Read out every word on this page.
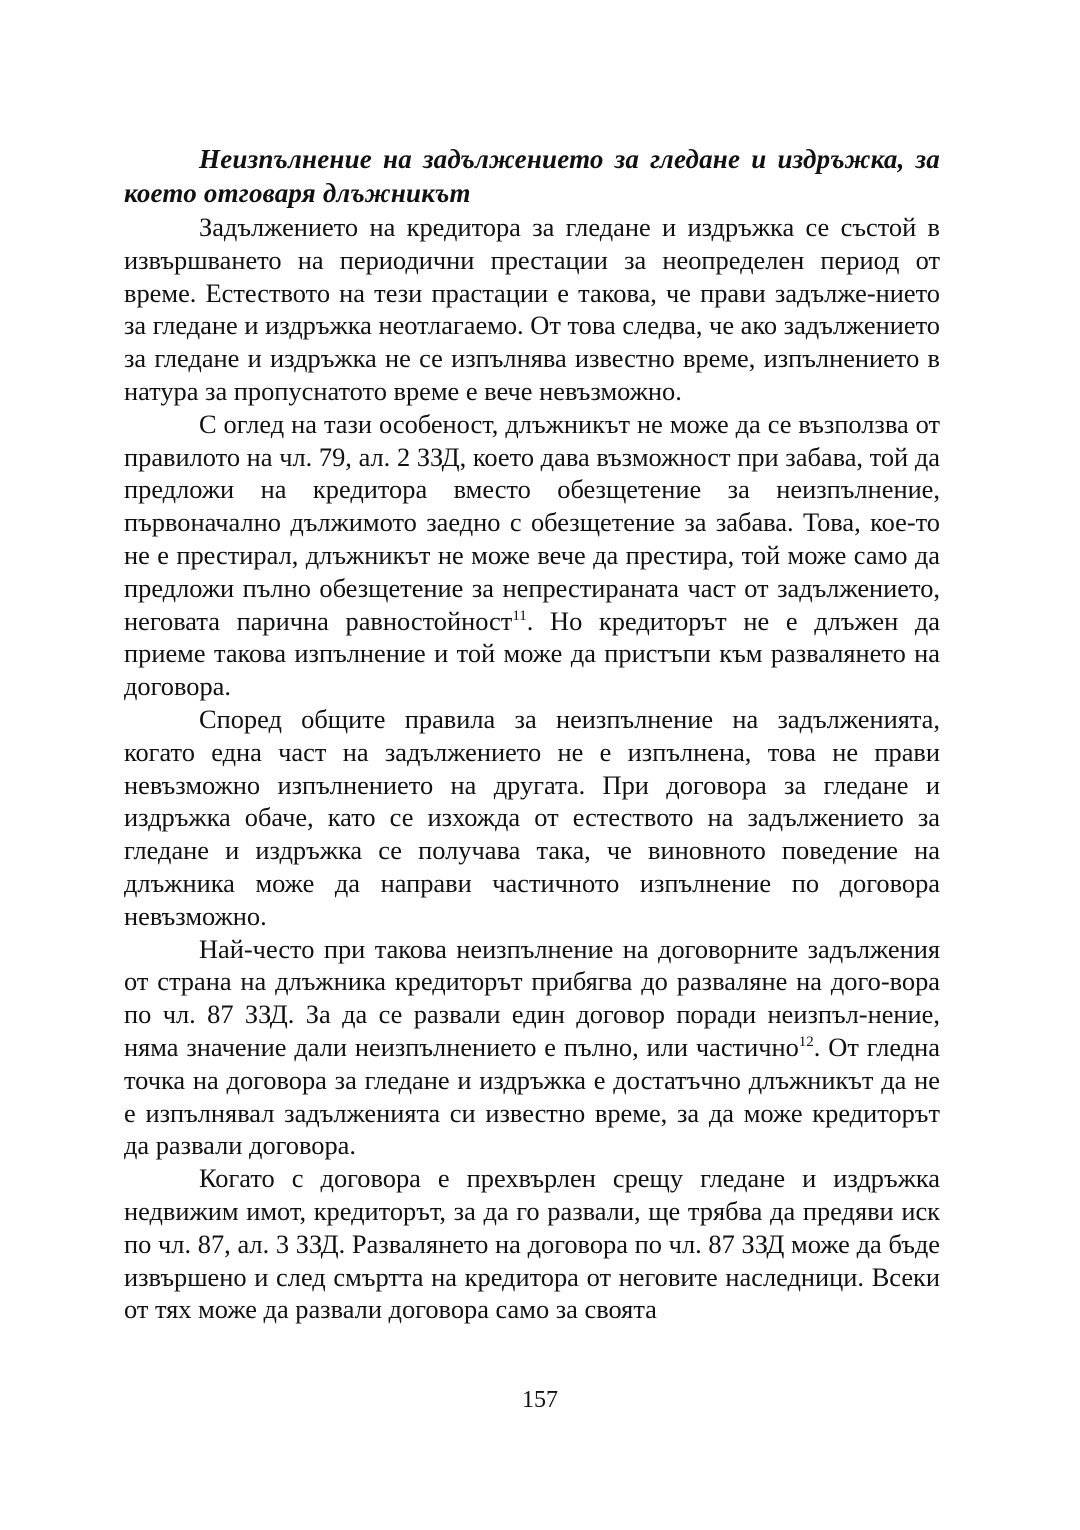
Неизпълнение на задължението за гледане и издръжка, за което отговаря длъжникът

Задължението на кредитора за гледане и издръжка се състой в извършването на периодични престации за неопределен период от време. Естеството на тези прастации е такова, че прави задълже-нието за гледане и издръжка неотлагаемо. От това следва, че ако задължението за гледане и издръжка не се изпълнява известно време, изпълнението в натура за пропуснатото време е вече невъзможно.

С оглед на тази особеност, длъжникът не може да се възползва от правилото на чл. 79, ал. 2 ЗЗД, което дава възможност при забава, той да предложи на кредитора вместо обезщетение за неизпълнение, първоначално дължимото заедно с обезщетение за забава. Това, кое-то не е престирал, длъжникът не може вече да престира, той може само да предложи пълно обезщетение за непрестираната част от задължението, неговата парична равностойност$^{11}$. Но кредиторът не е длъжен да приеме такова изпълнение и той може да пристъпи към развалянето на договора.

Според общите правила за неизпълнение на задълженията, когато една част на задължението не е изпълнена, това не прави невъзможно изпълнението на другата. При договора за гледане и издръжка обаче, като се изхожда от естеството на задължението за гледане и издръжка се получава така, че виновното поведение на длъжника може да направи частичното изпълнение по договора невъзможно.

Най-често при такова неизпълнение на договорните задължения от страна на длъжника кредиторът прибягва до разваляне на дого-вора по чл. 87 ЗЗД. За да се развали един договор поради неизпъл-нение, няма значение дали неизпълнението е пълно, или частично$^{12}$. От гледна точка на договора за гледане и издръжка е достатъчно длъжникът да не е изпълнявал задълженията си известно време, за да може кредиторът да развали договора.

Когато с договора е прехвърлен срещу гледане и издръжка недвижим имот, кредиторът, за да го развали, ще трябва да предяви иск по чл. 87, ал. 3 ЗЗД. Развалянето на договора по чл. 87 ЗЗД може да бъде извършено и след смъртта на кредитора от неговите наследници. Всеки от тях може да развали договора само за своята

157
